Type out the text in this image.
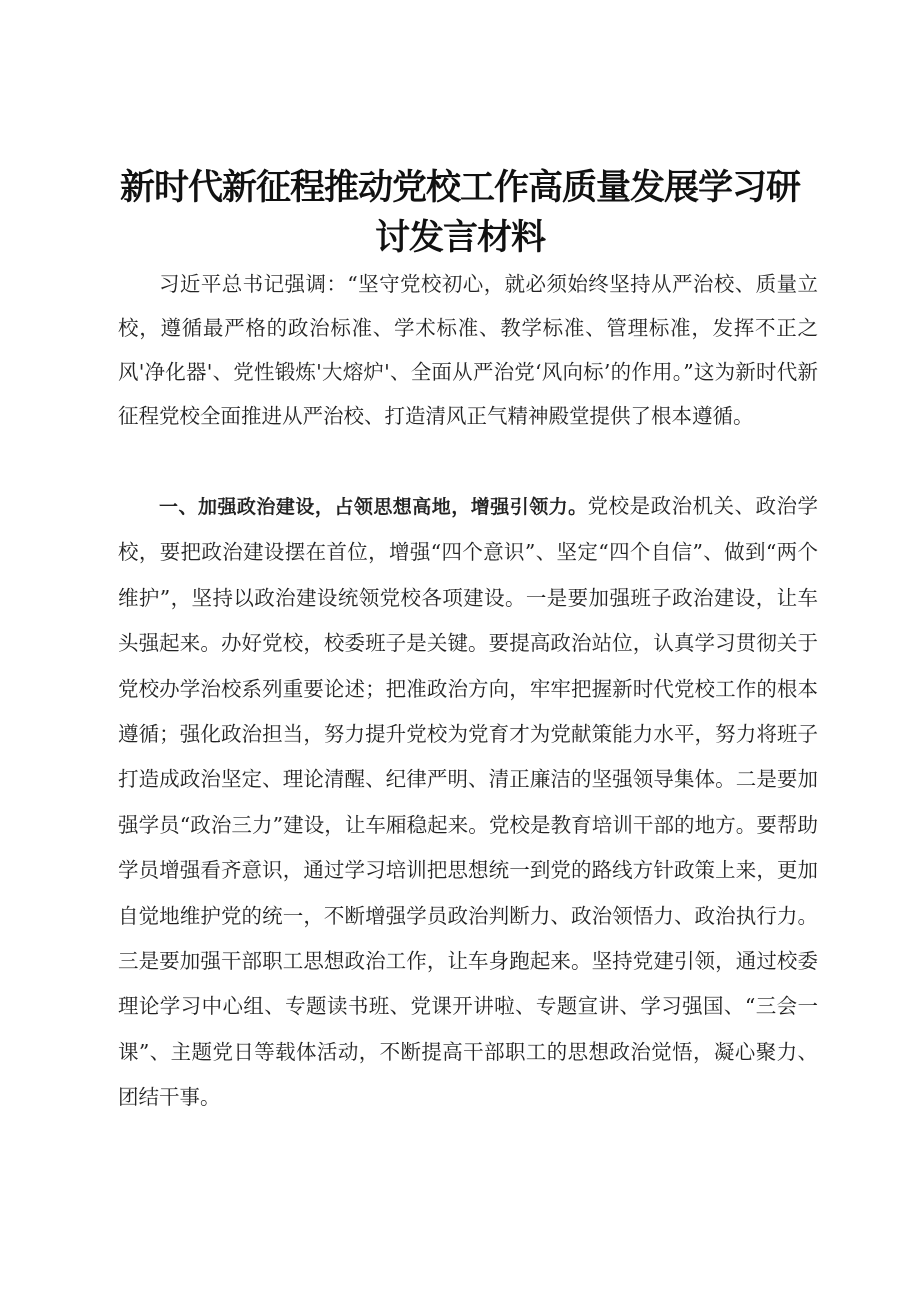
新时代新征程推动党校工作高质量发展学习研
讨发言材料

习近平总书记强调：“坚守党校初心，就必须始终坚持从严治校、质量立校，遵循最严格的政治标准、学术标准、教学标准、管理标准，发挥不正之风'净化器'、党性锻炼'大熔炉'、全面从严治党‘风向标’的作用。”这为新时代新征程党校全面推进从严治校、打造清风正气精神殿堂提供了根本遵循。

一、加强政治建设，占领思想高地，增强引领力。党校是政治机关、政治学校，要把政治建设摆在首位，增强“四个意识”、坚定“四个自信”、做到“两个维护”，坚持以政治建设统领党校各项建设。一是要加强班子政治建设，让车头强起来。办好党校，校委班子是关键。要提高政治站位，认真学习贯彻关于党校办学治校系列重要论述；把准政治方向，牢牢把握新时代党校工作的根本遵循；强化政治担当，努力提升党校为党育才为党献策能力水平，努力将班子打造成政治坚定、理论清醒、纪律严明、清正廉洁的坚强领导集体。二是要加强学员“政治三力”建设，让车厢稳起来。党校是教育培训干部的地方。要帮助学员增强看齐意识，通过学习培训把思想统一到党的路线方针政策上来，更加自觉地维护党的统一，不断增强学员政治判断力、政治领悟力、政治执行力。三是要加强干部职工思想政治工作，让车身跑起来。坚持党建引领，通过校委理论学习中心组、专题读书班、党课开讲啦、专题宣讲、学习强国、“三会一课”、主题党日等载体活动，不断提高干部职工的思想政治觉悟，凝心聚力、团结干事。
